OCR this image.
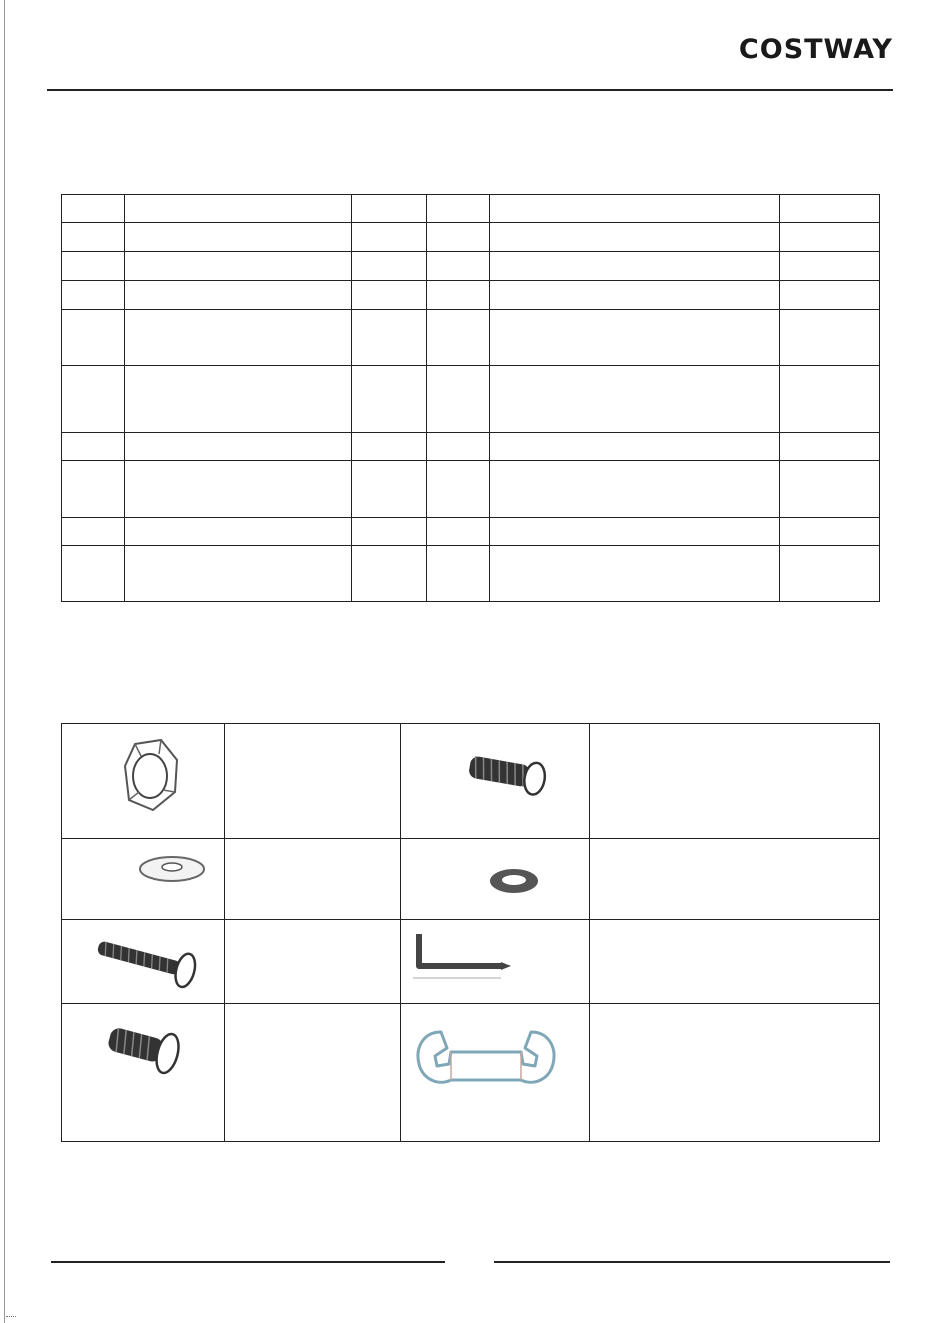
COSTWAY
